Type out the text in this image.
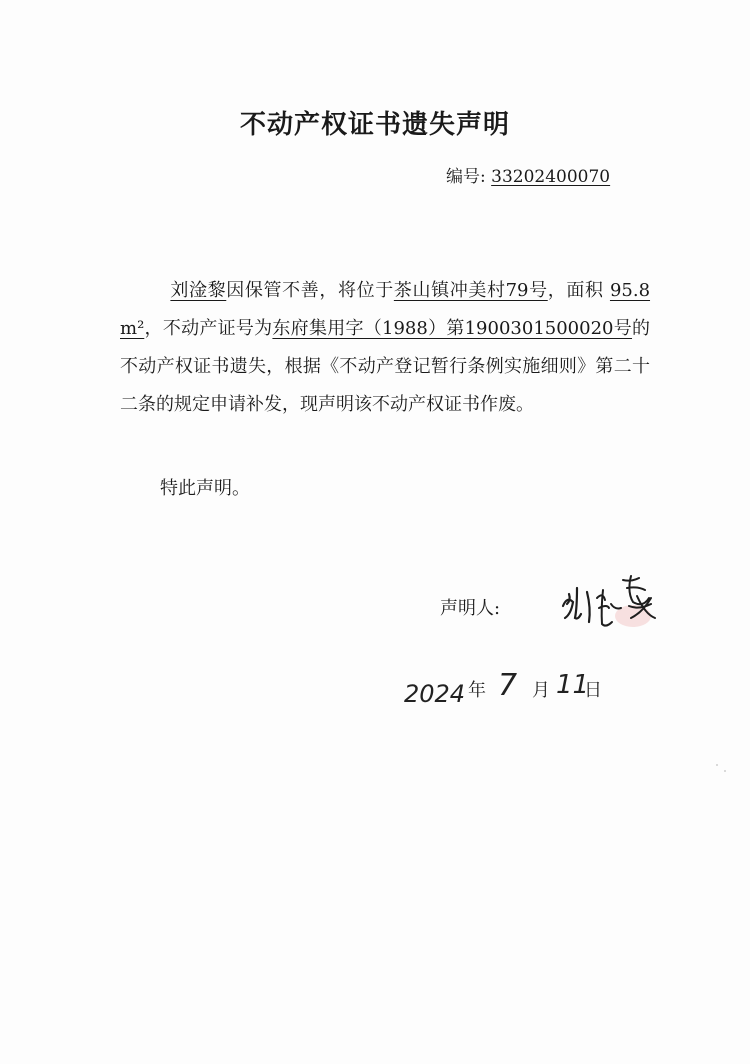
不动产权证书遗失声明
编号: 33202400070

刘淦黎因保管不善，将位于茶山镇冲美村79号，面积 95.8 m²，不动产证号为东府集用字（1988）第1900301500020号的不动产权证书遗失，根据《不动产登记暂行条例实施细则》第二十二条的规定申请补发，现声明该不动产权证书作废。

特此声明。
声明人:
2024 年 7 月 11
日
